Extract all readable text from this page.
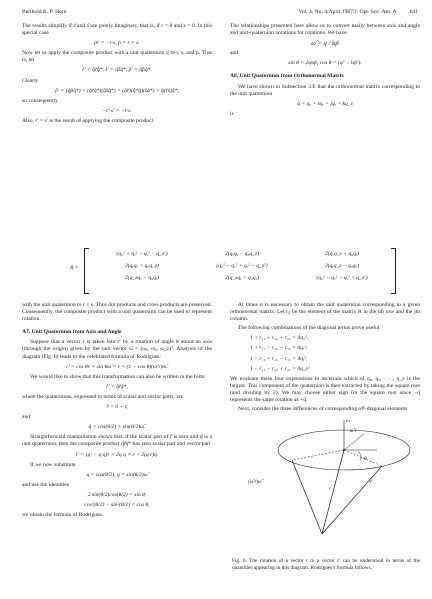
Berthold K. P. Horn	Vol. 4, No. 4/April 1987/J. Opt. Soc. Am. A 641

The results simplify if r̊ and s̊ are purely imaginary, that is, if r = 0 and s = 0. In this special case

pr = −r·s, p = r × s.

Now let us apply the composite product with a unit quaternion q̊ to r, s, and p. That is, let

r̊′ = q̊r̊q̊*, s̊′ = q̊s̊q̊*, p̊′ = q̊p̊q̊*.

Clearly

p̊′ = (q̊p̊q̊*) = (q̊r̊q̊*)(q̊s̊q̊*) = (q̊r̊)(q̊*q̊)(s̊q̊*) = q̊(r̊s̊)q̊*,

so consequently

−r′·s′ = −r·s.

Also, r′ × s′ is the result of applying the composite product

The relationships presented here allow us to convert easily between axis and angle and unit-quaternion notations for rotations. We have

ω̂ = q / ‖q‖

and

sin θ = 2q‖q‖, cos θ = (q² − ‖q‖²).
A8. Unit Quaternion from Orthonormal Matrix

We have shown in Subsection 3.E that the orthonormal matrix corresponding to the unit quaternion

q̊ = q₀ + iqₓ + jqᵧ + kq_z

is

R =
(q₀² + qₓ² − qᵧ² − q_z²)	2(qₓqᵧ − q₀q_z)	2(qₓq_z + q₀qᵧ)
2(qᵧqₓ + q₀q_z)	(q₀² − qₓ² + qᵧ² − q_z²)	2(qᵧq_z − q₀qₓ)
2(q_zqₓ − q₀qᵧ)	2(q_zqᵧ + q₀qₓ)	(q₀² − qₓ² − qᵧ² + q_z²)
.

with the unit quaternion to r × s. Thus dot products and cross products are preserved. Consequently, the composite product with a unit quaternion can be used to represent rotation.

A7. Unit Quaternion from Axis and Angle

Suppose that a vector r is taken into r′ by a rotation of angle θ about an axis (through the origin) given by the unit vector ω̂ = (ωₓ, ωᵧ, ω_z)ᵀ. Analysis of the diagram (Fig. 6) leads to the celebrated formula of Rodrigues:

r′ = cos θr + sin θω̂ × r + (1 − cos θ)(ω̂·r)ω̂.

We would like to show that this transformation can also be written in the form

r̊′ = q̊r̊q̊*,

where the quaternions, expressed in terms of scalar and vector parts, are

r̊ = 0 + r,

and

q̊ = cos(θ/2) + sin(θ/2)ω̂.

Straightforward manipulation shows that, if the scalar part of r̊ is zero and q̊ is a unit quaternion, then the composite product q̊r̊q̊* has zero scalar part and vector part

r′ = (q² − q·q)r + 2q q × r + 2(q·r)q.

If we now substitute

q = cos(θ/2), q = sin(θ/2)ω̂

and use the identities

2 sin(θ/2)cos(θ/2) = sin θ,
cos²(θ/2) − sin²(θ/2) = cos θ,

we obtain the formula of Rodrigues.

At times it is necessary to obtain the unit quaternion corresponding to a given orthonormal matrix. Let rᵢⱼ be the element of the matrix R in the ith row and the jth column.

The following combinations of the diagonal terms prove useful:

1 + r₁₁ + r₂₂ + r₃₃ = 4q₀²,
1 + r₁₁ − r₂₂ − r₃₃ = 4qₓ²,
1 − r₁₁ + r₂₂ − r₃₃ = 4qᵧ²,
1 − r₁₁ − r₂₂ + r₃₃ = 4q_z².

We evaluate these four expressions to ascertain which of q₀, qₓ, . . ., q_z is the largest. This component of the quaternion is then extracted by taking the square root (and dividing by 2). We may choose either sign for the square root since −q̊ represents the same rotation as +q̊.

Next, consider the three differences of corresponding off-diagonal elements

ω
ω̂·r
θ
r′
r
(ω̂·r)ω̂
Fig. 6. The rotation of a vector r to a vector r′ can be understood in terms of the quantities appearing in this diagram. Rodrigues's formula follows.
